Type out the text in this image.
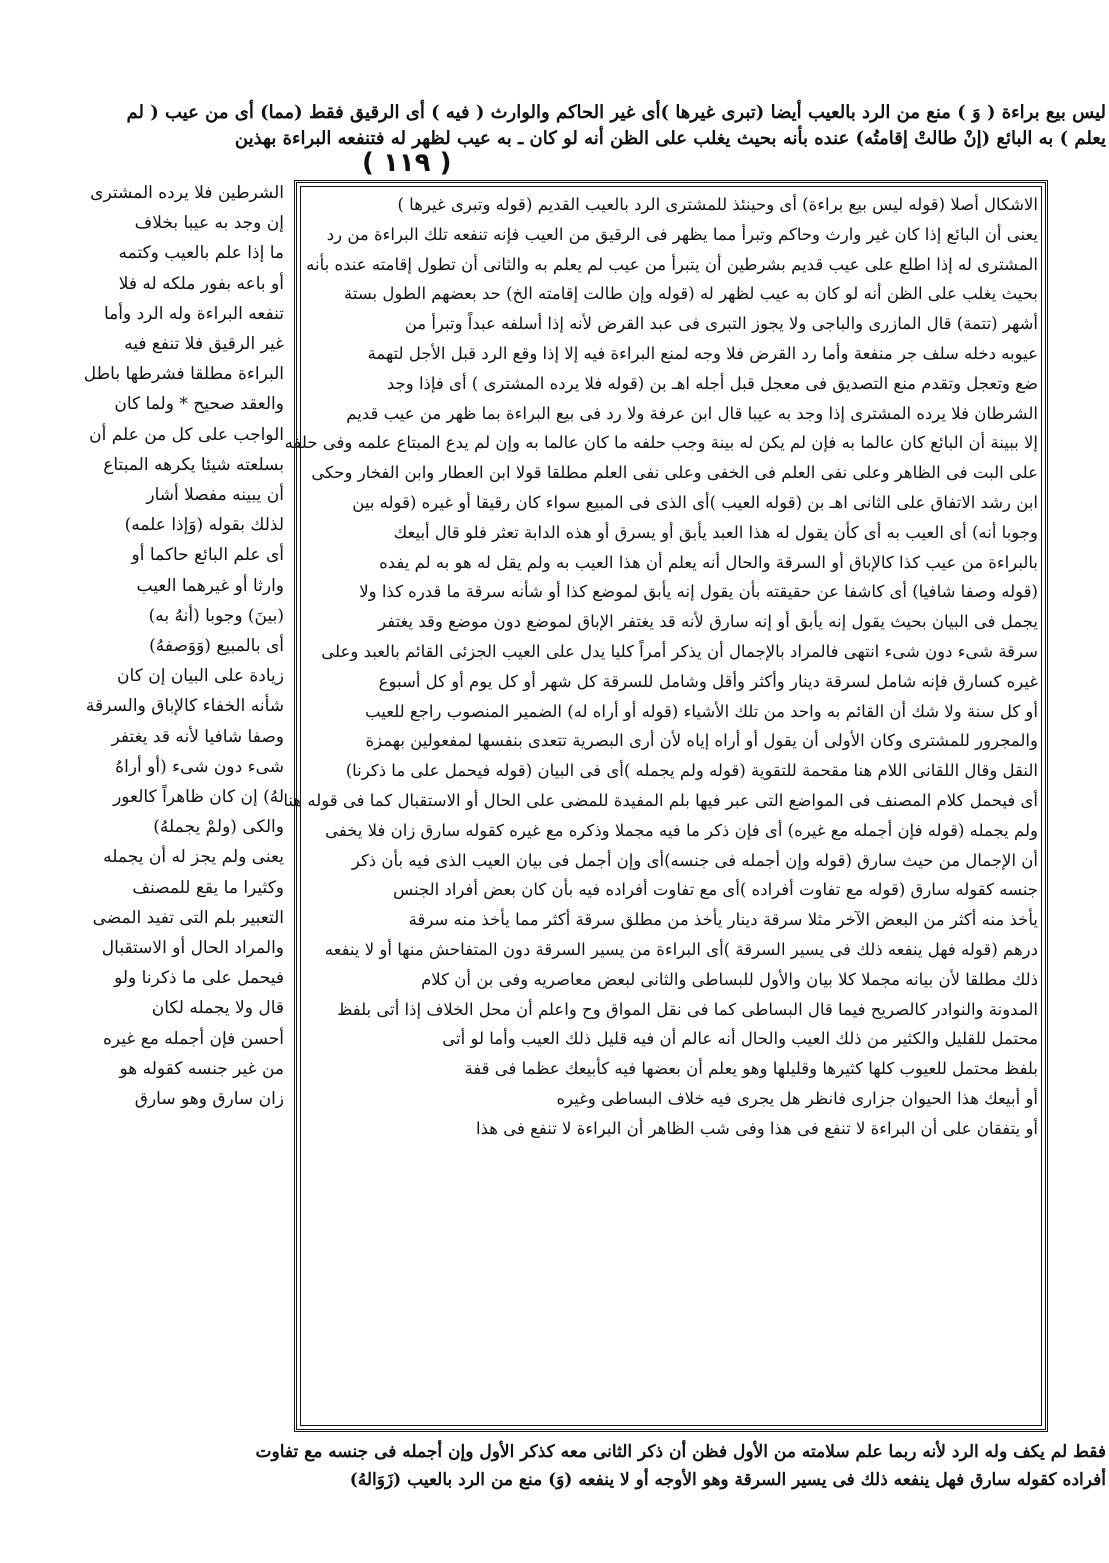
ليس بيع براءة ( وَ ) منع من الرد بالعيب أيضا (تبرى غيرها )أى غير الحاكم والوارث ( فيه ) أى الرقيق فقط (مما) أى من عيب ( لم
يعلم ) به البائع (إنْ طالتْ إقامتُه) عنده بأنه بحيث يغلب على الظن أنه لو كان ـ به عيب لظهر له فتنفعه البراءة بهذين
( ١١٩ )
الاشكال أصلا (قوله ليس بيع براءة) أى وحينئذ للمشترى الرد بالعيب القديم (قوله وتبرى غيرها )
يعنى أن البائع إذا كان غير وارث وحاكم وتبرأ مما يظهر فى الرقيق من العيب فإنه تنفعه تلك البراءة من رد
المشترى له إذا اطلع على عيب قديم بشرطين أن يتبرأ من عيب لم يعلم به والثانى أن تطول إقامته عنده بأنه
بحيث يغلب على الظن أنه لو كان به عيب لظهر له (قوله وإن طالت إقامته الخ) حد بعضهم الطول بستة
أشهر (تتمة) قال المازرى والباجى ولا يجوز التبرى فى عبد القرض لأنه إذا أسلفه عبداً وتبرأ من
عيوبه دخله سلف جر منفعة وأما رد القرض فلا وجه لمنع البراءة فيه إلا إذا وقع الرد قبل الأجل لتهمة
ضع وتعجل وتقدم منع التصديق فى معجل قبل أجله اهـ بن (قوله فلا يرده المشترى ) أى فإذا وجد
الشرطان فلا يرده المشترى إذا وجد به عيبا قال ابن عرفة ولا رد فى بيع البراءة بما ظهر من عيب قديم
إلا ببينة أن البائع كان عالما به فإن لم يكن له بينة وجب حلفه ما كان عالما به وإن لم يدع المبتاع علمه وفى حلفه
على البت فى الظاهر وعلى نفى العلم فى الخفى وعلى نفى العلم مطلقا قولا ابن العطار وابن الفخار وحكى
ابن رشد الاتفاق على الثانى اهـ بن (قوله العيب )أى الذى فى المبيع سواء كان رقيقا أو غيره (قوله بين
وجوبا أنه) أى العيب به أى كأن يقول له هذا العبد يأبق أو يسرق أو هذه الدابة تعثر فلو قال أبيعك
بالبراءة من عيب كذا كالإباق أو السرقة والحال أنه يعلم أن هذا العيب به ولم يقل له هو به لم يفده
(قوله وصفا شافيا) أى كاشفا عن حقيقته بأن يقول إنه يأبق لموضع كذا أو شأنه سرقة ما قدره كذا ولا
يجمل فى البيان بحيث يقول إنه يأبق أو إنه سارق لأنه قد يغتفر الإباق لموضع دون موضع وقد يغتفر
سرقة شىء دون شىء انتهى فالمراد بالإجمال أن يذكر أمراً كليا يدل على العيب الجزئى القائم بالعبد وعلى
غيره كسارق فإنه شامل لسرقة دينار وأكثر وأقل وشامل للسرقة كل شهر أو كل يوم أو كل أسبوع
أو كل سنة ولا شك أن القائم به واحد من تلك الأشياء (قوله أو أراه له) الضمير المنصوب راجع للعيب
والمجرور للمشترى وكان الأولى أن يقول أو أراه إياه لأن أرى البصرية تتعدى بنفسها لمفعولين بهمزة
النقل وقال اللقانى اللام هنا مقحمة للتقوية (قوله ولم يجمله )أى فى البيان (قوله فيحمل على ما ذكرنا)
أى فيحمل كلام المصنف فى المواضع التى عبر فيها بلم المفيدة للمضى على الحال أو الاستقبال كما فى قوله هنا
ولم يجمله (قوله فإن أجمله مع غيره) أى فإن ذكر ما فيه مجملا وذكره مع غيره كقوله سارق زان فلا يخفى
أن الإجمال من حيث سارق (قوله وإن أجمله فى جنسه)أى وإن أجمل فى بيان العيب الذى فيه بأن ذكر
جنسه كقوله سارق (قوله مع تفاوت أفراده )أى مع تفاوت أفراده فيه بأن كان بعض أفراد الجنس
يأخذ منه أكثر من البعض الآخر مثلا سرقة دينار يأخذ من مطلق سرقة أكثر مما يأخذ منه سرقة
درهم (قوله فهل ينفعه ذلك فى يسير السرقة )أى البراءة من يسير السرقة دون المتفاحش منها أو لا ينفعه
ذلك مطلقا لأن بيانه مجملا كلا بيان والأول للبساطى والثانى لبعض معاصريه وفى بن أن كلام
المدونة والنوادر كالصريح فيما قال البساطى كما فى نقل المواق وح واعلم أن محل الخلاف إذا أتى بلفظ
محتمل للقليل والكثير من ذلك العيب والحال أنه عالم أن فيه قليل ذلك العيب وأما لو أتى
بلفظ محتمل للعيوب كلها كثيرها وقليلها وهو يعلم أن بعضها فيه كأبيعك عظما فى قفة
أو أبيعك هذا الحيوان جزارى فانظر هل يجرى فيه خلاف البساطى وغيره
أو يتفقان على أن البراءة لا تنفع فى هذا وفى شب الظاهر أن البراءة لا تنفع فى هذا
الشرطين فلا يرده المشترى
إن وجد به عيبا بخلاف
ما إذا علم بالعيب وكتمه
أو باعه بفور ملكه له فلا
تنفعه البراءة وله الرد وأما
غير الرقيق فلا تنفع فيه
البراءة مطلقا فشرطها باطل
والعقد صحيح * ولما كان
الواجب على كل من علم أن
بسلعته شيئا يكرهه المبتاع
أن يبينه مفصلا أشار
لذلك بقوله (وَإذا علمه)
أى علم البائع حاكما أو
وارثا أو غيرهما العيب
(بينَ) وجوبا (أنهُ به)
أى بالمبيع (وَوَصفهُ)
زيادة على البيان إن كان
شأنه الخفاء كالإباق والسرقة
وصفا شافيا لأنه قد يغتفر
شىء دون شىء (أو أراهُ
لهُ) إن كان ظاهراً كالعور
والكى (ولمْ يجملهُ)
يعنى ولم يجز له أن يجمله
وكثيرا ما يقع للمصنف
التعبير بلم التى تفيد المضى
والمراد الحال أو الاستقبال
فيحمل على ما ذكرنا ولو
قال ولا يجمله لكان
أحسن فإن أجمله مع غيره
من غير جنسه كقوله هو
زان سارق وهو سارق
فقط لم يكف وله الرد لأنه ربما علم سلامته من الأول فظن أن ذكر الثانى معه كذكر الأول وإن أجمله فى جنسه مع تفاوت
أفراده كقوله سارق فهل ينفعه ذلك فى يسير السرقة وهو الأوجه أو لا ينفعه (وَ) منع من الرد بالعيب (زَوَالهُ)
